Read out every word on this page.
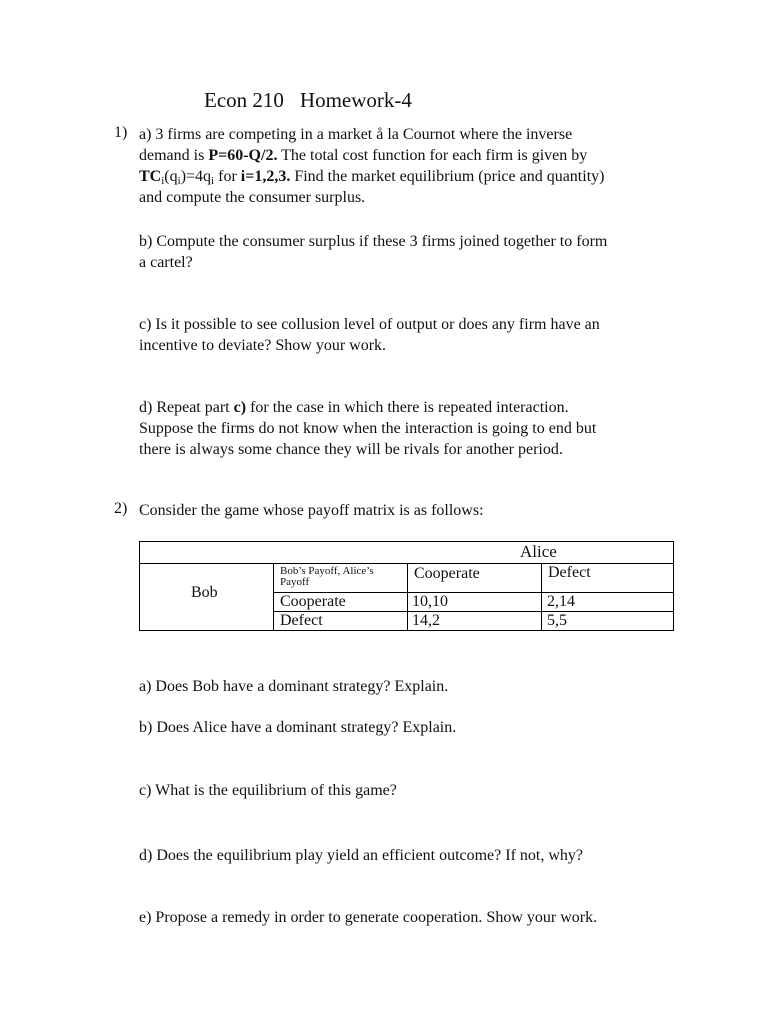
Econ 210 Homework-4
1) a) 3 firms are competing in a market å la Cournot where the inverse
demand is P=60-Q/2. The total cost function for each firm is given by
$TC_i(q_i)=4q_i$ for i=1,2,3. Find the market equilibrium (price and quantity)
and compute the consumer surplus.
b) Compute the consumer surplus if these 3 firms joined together to form
a cartel?
c) Is it possible to see collusion level of output or does any firm have an
incentive to deviate? Show your work.
d) Repeat part c) for the case in which there is repeated interaction.
Suppose the firms do not know when the interaction is going to end but
there is always some chance they will be rivals for another period.
2) Consider the game whose payoff matrix is as follows:
Alice
Bob
Bob’s Payoff, Alice’s
Payoff	Cooperate	Defect
Cooperate	10,10	2,14
Defect	14,2	5,5
a) Does Bob have a dominant strategy? Explain.
b) Does Alice have a dominant strategy? Explain.
c) What is the equilibrium of this game?
d) Does the equilibrium play yield an efficient outcome? If not, why?
e) Propose a remedy in order to generate cooperation. Show your work.
